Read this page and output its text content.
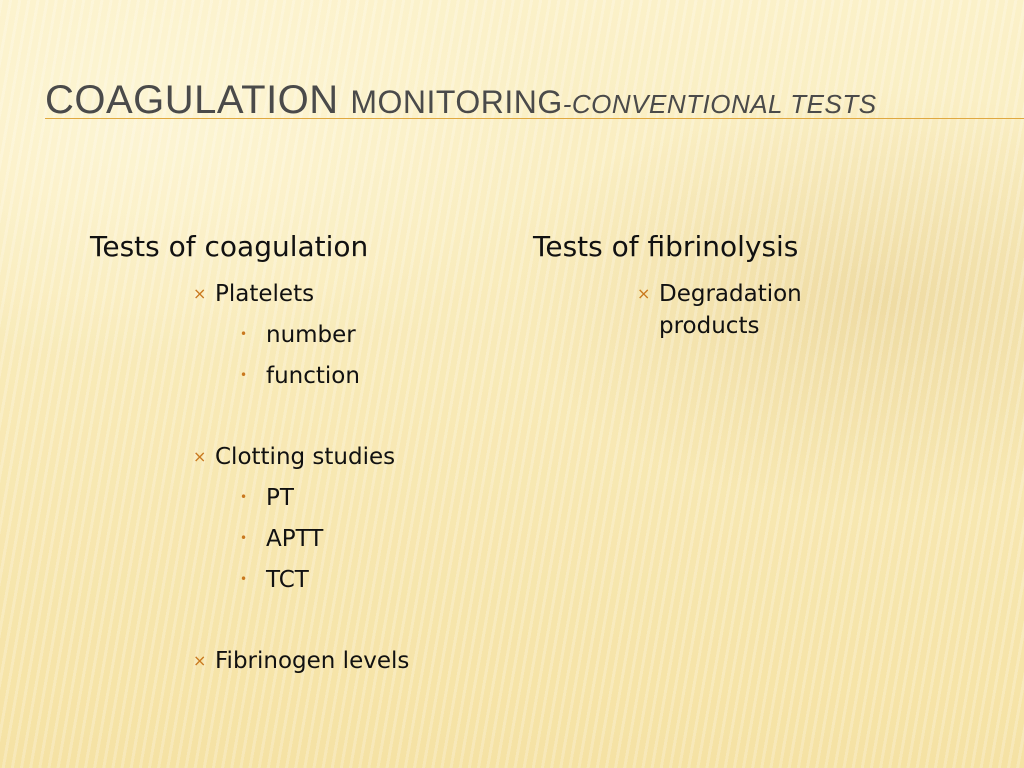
COAGULATION MONITORING-CONVENTIONAL TESTS
Tests of coagulation
× Platelets
• number
• function
× Clotting studies
• PT
• APTT
• TCT
× Fibrinogen levels
Tests of fibrinolysis
× Degradation products
